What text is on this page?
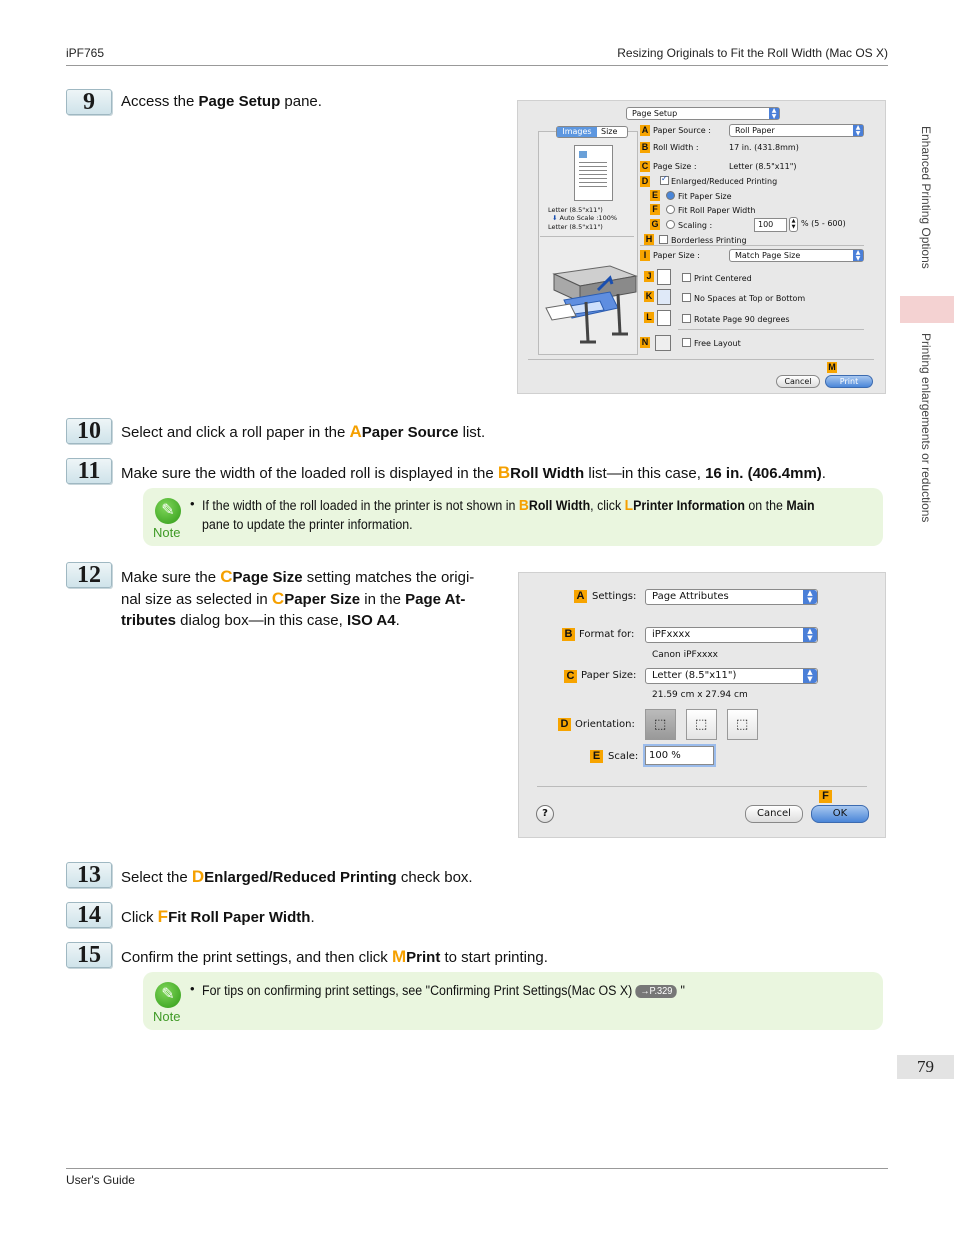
iPF765	Resizing Originals to Fit the Roll Width (Mac OS X)
Enhanced Printing Options
Printing enlargements or reductions
9	Access the Page Setup pane.
Page Setup	▲
▼
Images	Size
Letter (8.5"x11")
⬇ Auto Scale :100%
Letter (8.5"x11")
A Paper Source :	Roll Paper	▲
▼
B Roll Width :	17 in. (431.8mm)
C Page Size :	Letter (8.5"x11")
D ✓ Enlarged/Reduced Printing
E	Fit Paper Size
F	Fit Roll Paper Width
G Scaling :	100	▲
▼ % (5 - 600)
H Borderless Printing
I Paper Size :	Match Page Size	▲
▼
J	Print Centered
K	No Spaces at Top or Bottom
L	Rotate Page 90 degrees
N	Free Layout
M
Cancel	Print
10	Select and click a roll paper in the APaper Source list.
11	Make sure the width of the loaded roll is displayed in the BRoll Width list—in this case, 16 in. (406.4mm).
✎
Note
• If the width of the roll loaded in the printer is not shown in BRoll Width, click LPrinter Information on the Main
pane to update the printer information.
12	Make sure the CPage Size setting matches the origi-
nal size as selected in CPaper Size in the Page At-
tributes dialog box—in this case, ISO A4.
A Settings:	Page Attributes	▲
▼
B Format for:	iPFxxxx	▲
▼
Canon iPFxxxx
C Paper Size:	Letter (8.5"x11")	▲
▼
21.59 cm x 27.94 cm
D Orientation: ⬚ ⬚ ⬚
E Scale:	100 %
?
F
Cancel	OK
13	Select the DEnlarged/Reduced Printing check box.
14	Click FFit Roll Paper Width.
15	Confirm the print settings, and then click MPrint to start printing.
✎
Note
• For tips on confirming print settings, see "Confirming Print Settings(Mac OS X) →P.329 "
79
User's Guide
